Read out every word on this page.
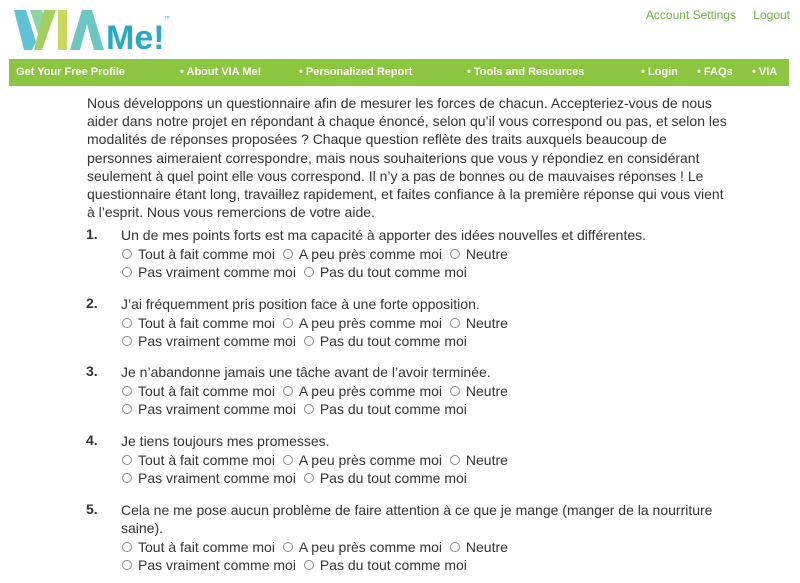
Me! ™	Account Settings Logout
Get Your Free Profile	• About VIA Me!	• Personalized Report	• Tools and Resources	• Login • FAQs • VIA
Nous développons un questionnaire afin de mesurer les forces de chacun. Accepteriez-vous de nous aider dans notre projet en répondant à chaque énoncé, selon qu’il vous correspond ou pas, et selon les modalités de réponses proposées ? Chaque question reflète des traits auxquels beaucoup de personnes aimeraient correspondre, mais nous souhaiterions que vous y répondiez en considérant seulement à quel point elle vous correspond. Il n’y a pas de bonnes ou de mauvaises réponses ! Le questionnaire étant long, travaillez rapidement, et faites confiance à la première réponse qui vous vient à l’esprit. Nous vous remercions de votre aide.
1. Un de mes points forts est ma capacité à apporter des idées nouvelles et différentes.
Tout à fait comme moi A peu près comme moi Neutre
Pas vraiment comme moi Pas du tout comme moi
2. J’ai fréquemment pris position face à une forte opposition.
Tout à fait comme moi A peu près comme moi Neutre
Pas vraiment comme moi Pas du tout comme moi
3. Je n’abandonne jamais une tâche avant de l’avoir terminée.
Tout à fait comme moi A peu près comme moi Neutre
Pas vraiment comme moi Pas du tout comme moi
4. Je tiens toujours mes promesses.
Tout à fait comme moi A peu près comme moi Neutre
Pas vraiment comme moi Pas du tout comme moi
5. Cela ne me pose aucun problème de faire attention à ce que je mange (manger de la nourriture saine).
Tout à fait comme moi A peu près comme moi Neutre
Pas vraiment comme moi Pas du tout comme moi
